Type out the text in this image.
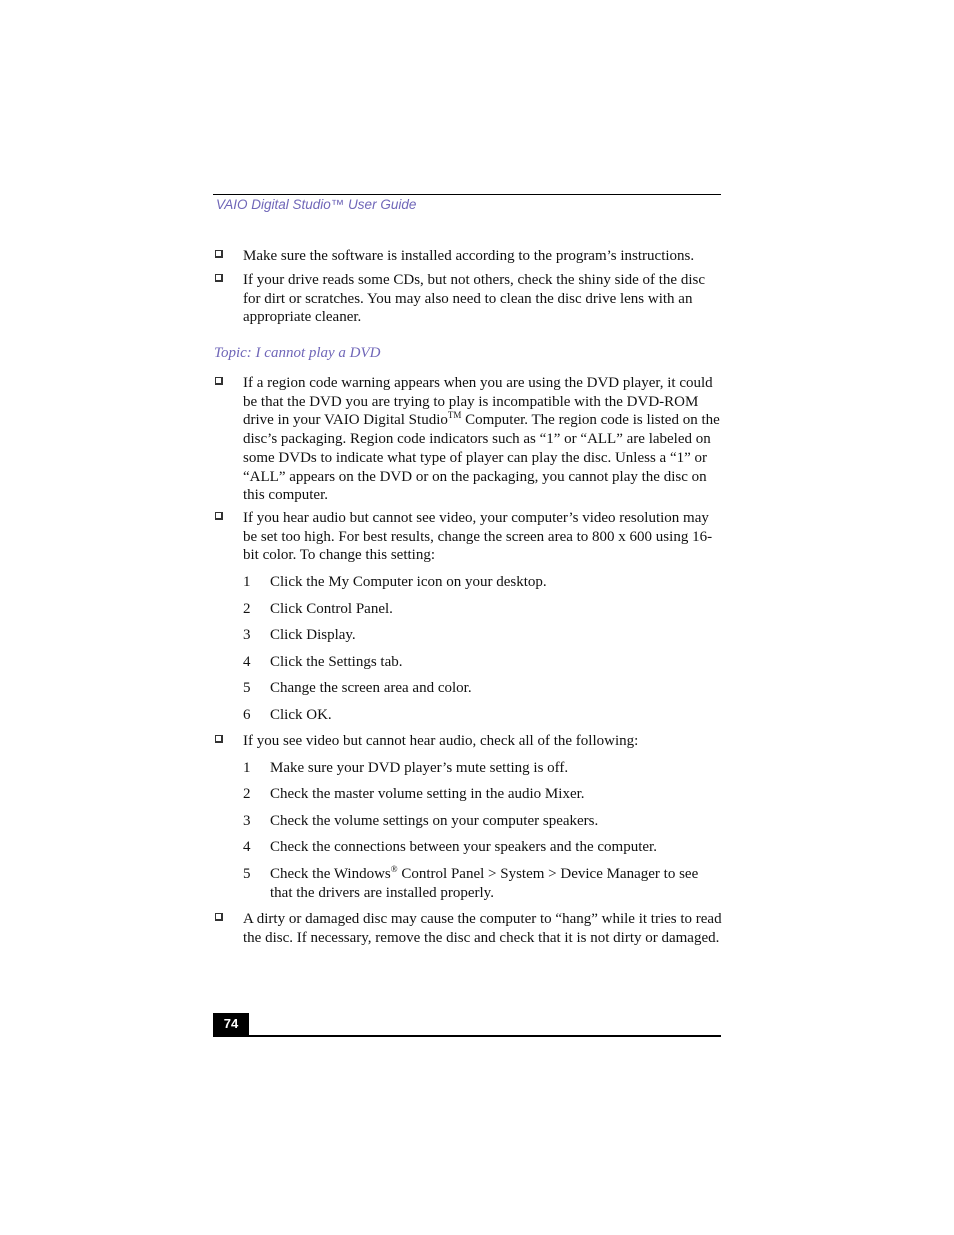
VAIO Digital Studio™ User Guide
Make sure the software is installed according to the program’s instructions.
If your drive reads some CDs, but not others, check the shiny side of the disc for dirt or scratches. You may also need to clean the disc drive lens with an appropriate cleaner.
Topic: I cannot play a DVD
If a region code warning appears when you are using the DVD player, it could be that the DVD you are trying to play is incompatible with the DVD-ROM drive in your VAIO Digital Studio™ Computer. The region code is listed on the disc’s packaging. Region code indicators such as “1” or “ALL” are labeled on some DVDs to indicate what type of player can play the disc. Unless a “1” or “ALL” appears on the DVD or on the packaging, you cannot play the disc on this computer.
If you hear audio but cannot see video, your computer’s video resolution may be set too high. For best results, change the screen area to 800 x 600 using 16-bit color. To change this setting:
1 Click the My Computer icon on your desktop.
2 Click Control Panel.
3 Click Display.
4 Click the Settings tab.
5 Change the screen area and color.
6 Click OK.
If you see video but cannot hear audio, check all of the following:
1 Make sure your DVD player’s mute setting is off.
2 Check the master volume setting in the audio Mixer.
3 Check the volume settings on your computer speakers.
4 Check the connections between your speakers and the computer.
5 Check the Windows® Control Panel > System > Device Manager to see that the drivers are installed properly.
A dirty or damaged disc may cause the computer to “hang” while it tries to read the disc. If necessary, remove the disc and check that it is not dirty or damaged.
74
